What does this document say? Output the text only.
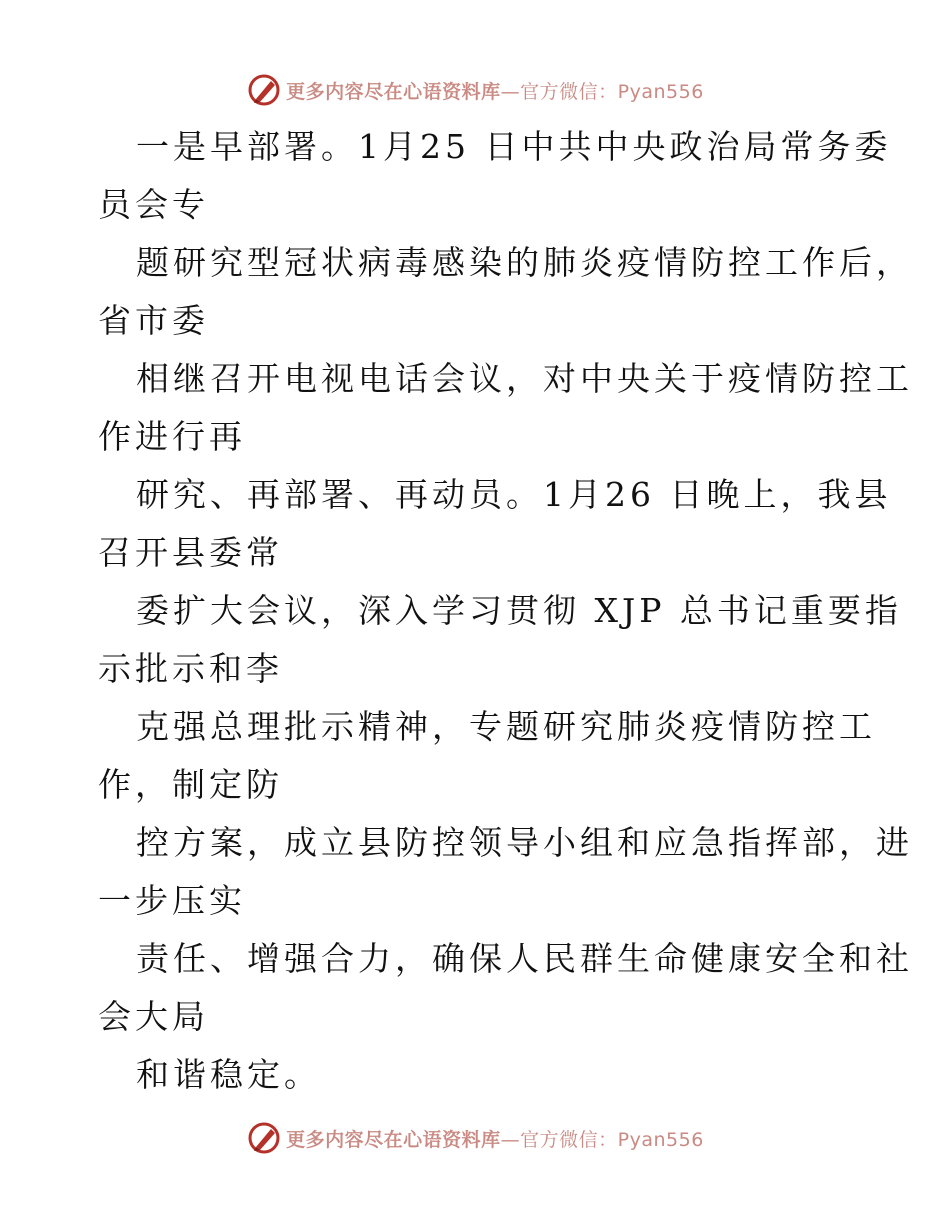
更多内容尽在心语资料库—官方微信：Pyan556
一是早部署。1月25 日中共中央政治局常务委
员会专
题研究型冠状病毒感染的肺炎疫情防控工作后，
省市委
相继召开电视电话会议，对中央关于疫情防控工
作进行再
研究、再部署、再动员。1月26 日晚上，我县
召开县委常
委扩大会议，深入学习贯彻 XJP 总书记重要指
示批示和李
克强总理批示精神，专题研究肺炎疫情防控工
作，制定防
控方案，成立县防控领导小组和应急指挥部，进
一步压实
责任、增强合力，确保人民群生命健康安全和社
会大局
和谐稳定。
更多内容尽在心语资料库—官方微信：Pyan556
